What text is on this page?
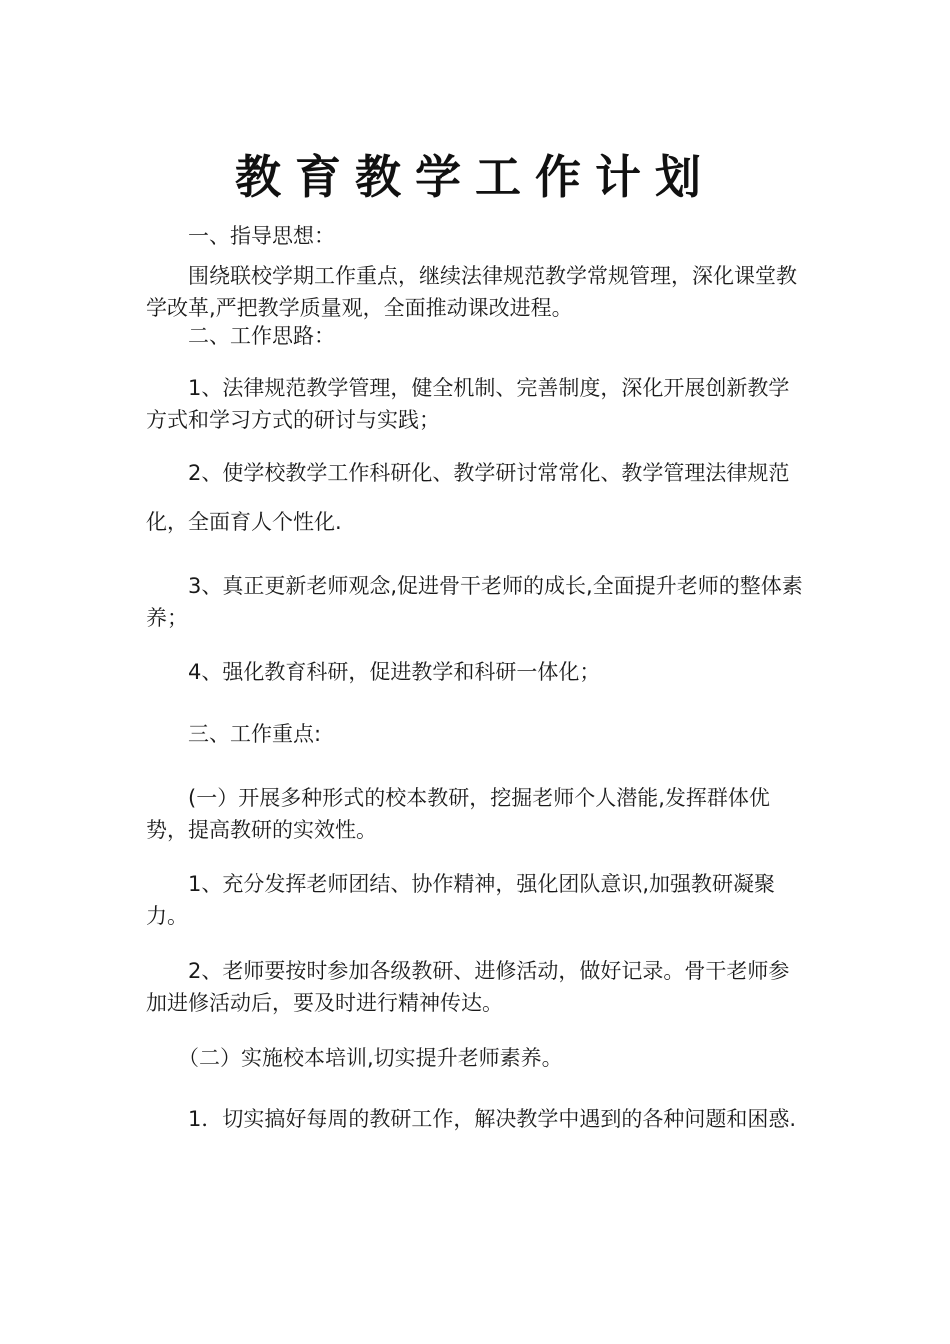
教育教学工作计划

一、指导思想：

围绕联校学期工作重点，继续法律规范教学常规管理，深化课堂教学改革,严把教学质量观，全面推动课改进程。

二、工作思路：

1、法律规范教学管理，健全机制、完善制度，深化开展创新教学方式和学习方式的研讨与实践；

2、使学校教学工作科研化、教学研讨常常化、教学管理法律规范化，全面育人个性化.

3、真正更新老师观念,促进骨干老师的成长,全面提升老师的整体素养；

4、强化教育科研，促进教学和科研一体化；

三、工作重点:

(一）开展多种形式的校本教研，挖掘老师个人潜能,发挥群体优势，提高教研的实效性。

1、充分发挥老师团结、协作精神，强化团队意识,加强教研凝聚力。

2、老师要按时参加各级教研、进修活动，做好记录。骨干老师参加进修活动后，要及时进行精神传达。

（二）实施校本培训,切实提升老师素养。

1．切实搞好每周的教研工作，解决教学中遇到的各种问题和困惑.
